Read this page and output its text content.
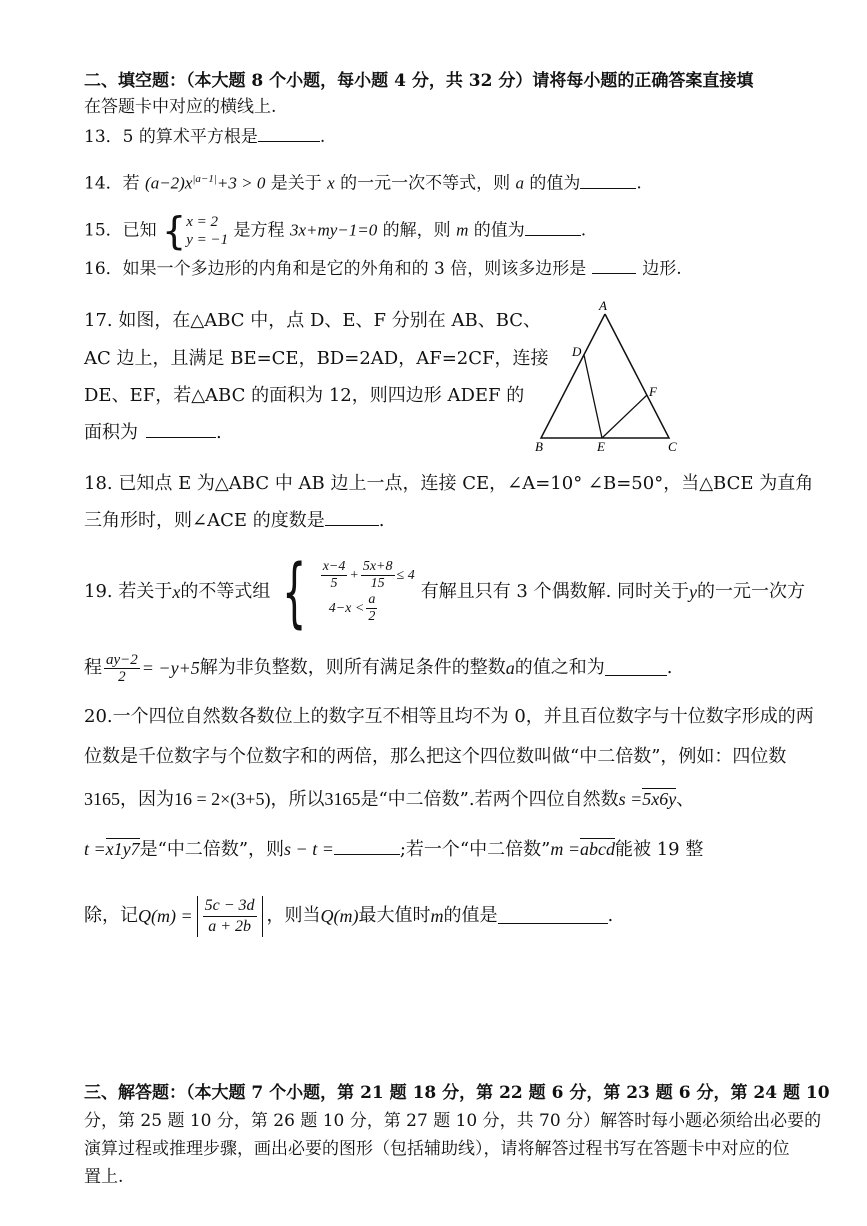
二、填空题：（本大题 8 个小题，每小题 4 分，共 32 分）请将每小题的正确答案直接填
在答题卡中对应的横线上.
13．5 的算术平方根是	.
14．若 $(a-2)x^{|a-1|}+3 > 0$ 是关于 x 的一元一次不等式，则 a 的值为	.
15．已知 { x = 2
y = −1 是方程 3x+my−1=0 的解，则 m 的值为	.
16．如果一个多边形的内角和是它的外角和的 3 倍，则该多边形是	边形.
17. 如图，在△ABC 中，点 D、E、F 分别在 AB、BC、
AC 边上，且满足 BE=CE，BD=2AD，AF=2CF，连接
DE、EF，若△ABC 的面积为 12，则四边形 ADEF 的
面积为	.
A
D
F
B	E	C
18. 已知点 E 为△ABC 中 AB 边上一点，连接 CE，∠A=10° ∠B=50°，当△BCE 为直角
三角形时，则∠ACE 的度数是	.
19. 若关于 x 的不等式组 { $\frac{x-4}{5} + \frac{5x+8}{15} \le 4$
$4-x < \frac{a}{2}$
有解且只有 3 个偶数解. 同时关于 y 的一元一次方
程 $\frac{ay-2}{2} = -y+5$ 解为非负整数，则所有满足条件的整数 a 的值之和为	.
20.一个四位自然数各数位上的数字互不相等且均不为 0，并且百位数字与十位数字形成的两
位数是千位数字与个位数字和的两倍，那么把这个四位数叫做“中二倍数”，例如：四位数
3165，因为16 = 2×(3+5)，所以3165是“中二倍数”.若两个四位自然数s =5x6y、
t =x1y7是“中二倍数”，则s − t =	;若一个“中二倍数”m =abcd能被 19 整
除，记 $Q(m) = \frac{5c - 3d}{a + 2b}$ ，则当 Q(m) 最大值时 m 的值是	.
三、解答题：（本大题 7 个小题，第 21 题 18 分，第 22 题 6 分，第 23 题 6 分，第 24 题 10
分，第 25 题 10 分，第 26 题 10 分，第 27 题 10 分，共 70 分）解答时每小题必须给出必要的
演算过程或推理步骤，画出必要的图形（包括辅助线），请将解答过程书写在答题卡中对应的位
置上.
